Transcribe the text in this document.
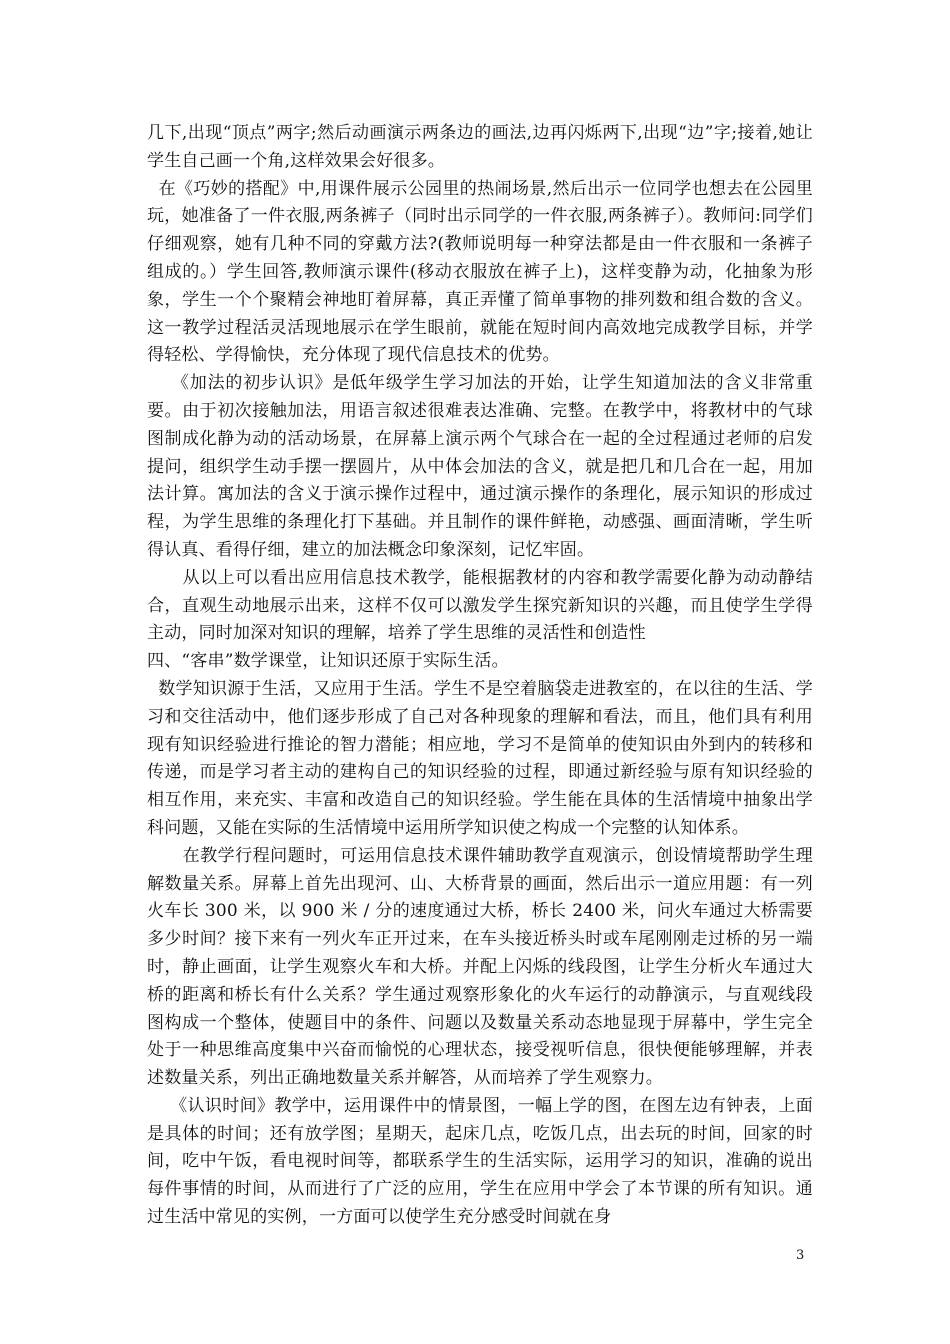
几下,出现“顶点”两字;然后动画演示两条边的画法,边再闪烁两下,出现“边”字;接着,她让学生自己画一个角,这样效果会好很多。

在《巧妙的搭配》中,用课件展示公园里的热闹场景,然后出示一位同学也想去在公园里玩，她准备了一件衣服,两条裤子（同时出示同学的一件衣服,两条裤子）。教师问:同学们仔细观察，她有几种不同的穿戴方法?(教师说明每一种穿法都是由一件衣服和一条裤子组成的。）学生回答,教师演示课件(移动衣服放在裤子上)，这样变静为动，化抽象为形象，学生一个个聚精会神地盯着屏幕，真正弄懂了简单事物的排列数和组合数的含义。这一教学过程活灵活现地展示在学生眼前，就能在短时间内高效地完成教学目标，并学得轻松、学得愉快，充分体现了现代信息技术的优势。

《加法的初步认识》是低年级学生学习加法的开始，让学生知道加法的含义非常重要。由于初次接触加法，用语言叙述很难表达准确、完整。在教学中，将教材中的气球图制成化静为动的活动场景，在屏幕上演示两个气球合在一起的全过程通过老师的启发提问，组织学生动手摆一摆圆片，从中体会加法的含义，就是把几和几合在一起，用加法计算。寓加法的含义于演示操作过程中，通过演示操作的条理化，展示知识的形成过程，为学生思维的条理化打下基础。并且制作的课件鲜艳，动感强、画面清晰，学生听得认真、看得仔细，建立的加法概念印象深刻，记忆牢固。

从以上可以看出应用信息技术教学，能根据教材的内容和教学需要化静为动动静结合，直观生动地展示出来，这样不仅可以激发学生探究新知识的兴趣，而且使学生学得主动，同时加深对知识的理解，培养了学生思维的灵活性和创造性

四、“客串”数学课堂，让知识还原于实际生活。

数学知识源于生活，又应用于生活。学生不是空着脑袋走进教室的，在以往的生活、学习和交往活动中，他们逐步形成了自己对各种现象的理解和看法，而且，他们具有利用现有知识经验进行推论的智力潜能；相应地，学习不是简单的使知识由外到内的转移和传递，而是学习者主动的建构自己的知识经验的过程，即通过新经验与原有知识经验的相互作用，来充实、丰富和改造自己的知识经验。学生能在具体的生活情境中抽象出学科问题，又能在实际的生活情境中运用所学知识使之构成一个完整的认知体系。

在教学行程问题时，可运用信息技术课件辅助教学直观演示，创设情境帮助学生理解数量关系。屏幕上首先出现河、山、大桥背景的画面，然后出示一道应用题：有一列火车长 300 米，以 900 米 / 分的速度通过大桥，桥长 2400 米，问火车通过大桥需要多少时间？接下来有一列火车正开过来，在车头接近桥头时或车尾刚刚走过桥的另一端时，静止画面，让学生观察火车和大桥。并配上闪烁的线段图，让学生分析火车通过大桥的距离和桥长有什么关系？学生通过观察形象化的火车运行的动静演示，与直观线段图构成一个整体，使题目中的条件、问题以及数量关系动态地显现于屏幕中，学生完全处于一种思维高度集中兴奋而愉悦的心理状态，接受视听信息，很快便能够理解，并表述数量关系，列出正确地数量关系并解答，从而培养了学生观察力。

《认识时间》教学中，运用课件中的情景图，一幅上学的图，在图左边有钟表，上面是具体的时间；还有放学图；星期天，起床几点，吃饭几点，出去玩的时间，回家的时间，吃中午饭，看电视时间等，都联系学生的生活实际，运用学习的知识，准确的说出每件事情的时间，从而进行了广泛的应用，学生在应用中学会了本节课的所有知识。通过生活中常见的实例，一方面可以使学生充分感受时间就在身

3
